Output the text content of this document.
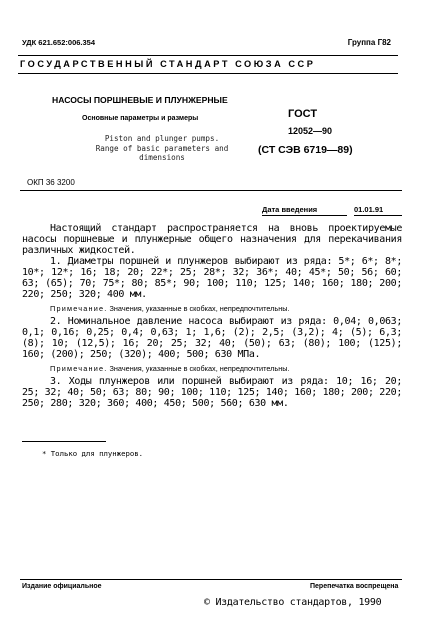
УДК 621.652:006.354	Группа Г82
ГОСУДАРСТВЕННЫЙ СТАНДАРТ СОЮЗА ССР
НАСОСЫ ПОРШНЕВЫЕ И ПЛУНЖЕРНЫЕ
Основные параметры и размеры
Piston and plunger pumps.
Range of basic parameters and
dimensions
ГОСТ
12052—90
(СТ СЭВ 6719—89)
ОКП 36 3200
Дата введения	01.01.91

Настоящий стандарт распространяется на вновь проектируемые насосы поршневые и плунжерные общего назначения для перекачивания различных жидкостей.

1. Диаметры поршней и плунжеров выбирают из ряда: 5*; 6*; 8*; 10*; 12*; 16; 18; 20; 22*; 25; 28*; 32; 36*; 40; 45*; 50; 56; 60; 63; (65); 70; 75*; 80; 85*; 90; 100; 110; 125; 140; 160; 180; 200; 220; 250; 320; 400 мм.

Примечание. Значения, указанные в скобках, непредпочтительны.

2. Номинальное давление насоса выбирают из ряда: 0,04; 0,063; 0,1; 0,16; 0,25; 0,4; 0,63; 1; 1,6; (2); 2,5; (3,2); 4; (5); 6,3; (8); 10; (12,5); 16; 20; 25; 32; 40; (50); 63; (80); 100; (125); 160; (200); 250; (320); 400; 500; 630 МПа.

Примечание. Значения, указанные в скобках, непредпочтительны.

3. Ходы плунжеров или поршней выбирают из ряда: 10; 16; 20; 25; 32; 40; 50; 63; 80; 90; 100; 110; 125; 140; 160; 180; 200; 220; 250; 280; 320; 360; 400; 450; 500; 560; 630 мм.

* Только для плунжеров.
Издание официальное	Перепечатка воспрещена
© Издательство стандартов, 1990
